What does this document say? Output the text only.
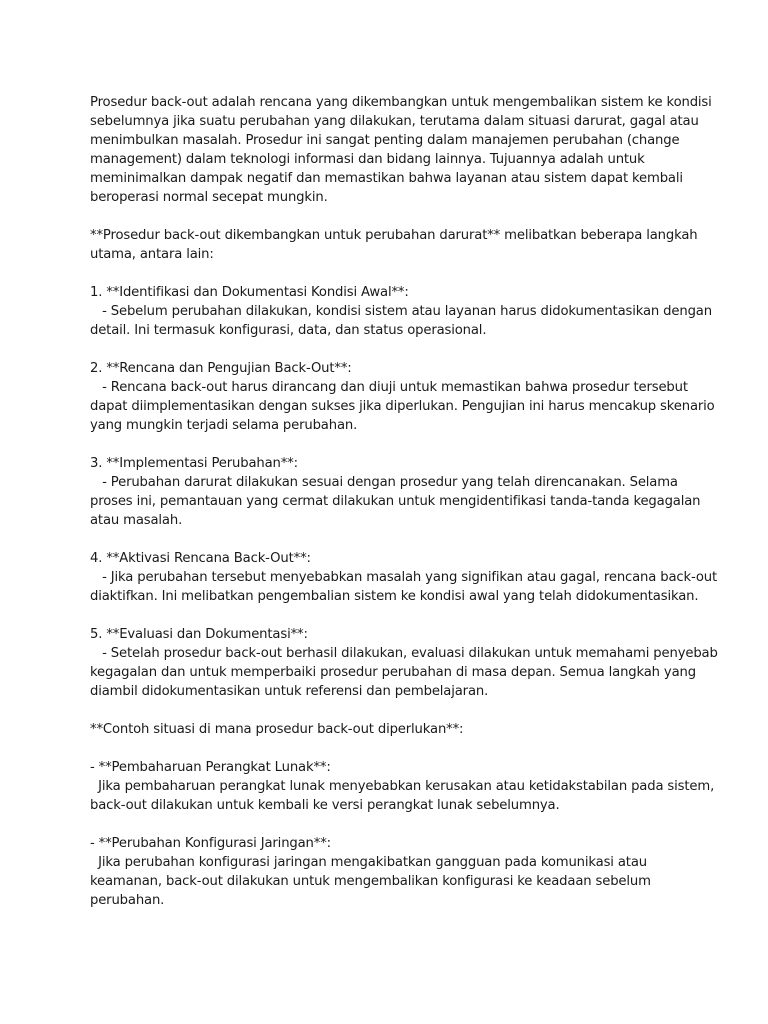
Prosedur back-out adalah rencana yang dikembangkan untuk mengembalikan sistem ke kondisi
sebelumnya jika suatu perubahan yang dilakukan, terutama dalam situasi darurat, gagal atau
menimbulkan masalah. Prosedur ini sangat penting dalam manajemen perubahan (change
management) dalam teknologi informasi dan bidang lainnya. Tujuannya adalah untuk
meminimalkan dampak negatif dan memastikan bahwa layanan atau sistem dapat kembali
beroperasi normal secepat mungkin.
**Prosedur back-out dikembangkan untuk perubahan darurat** melibatkan beberapa langkah
utama, antara lain:
1. **Identifikasi dan Dokumentasi Kondisi Awal**:
- Sebelum perubahan dilakukan, kondisi sistem atau layanan harus didokumentasikan dengan
detail. Ini termasuk konfigurasi, data, dan status operasional.
2. **Rencana dan Pengujian Back-Out**:
- Rencana back-out harus dirancang dan diuji untuk memastikan bahwa prosedur tersebut
dapat diimplementasikan dengan sukses jika diperlukan. Pengujian ini harus mencakup skenario
yang mungkin terjadi selama perubahan.
3. **Implementasi Perubahan**:
- Perubahan darurat dilakukan sesuai dengan prosedur yang telah direncanakan. Selama
proses ini, pemantauan yang cermat dilakukan untuk mengidentifikasi tanda-tanda kegagalan
atau masalah.
4. **Aktivasi Rencana Back-Out**:
- Jika perubahan tersebut menyebabkan masalah yang signifikan atau gagal, rencana back-out
diaktifkan. Ini melibatkan pengembalian sistem ke kondisi awal yang telah didokumentasikan.
5. **Evaluasi dan Dokumentasi**:
- Setelah prosedur back-out berhasil dilakukan, evaluasi dilakukan untuk memahami penyebab
kegagalan dan untuk memperbaiki prosedur perubahan di masa depan. Semua langkah yang
diambil didokumentasikan untuk referensi dan pembelajaran.
**Contoh situasi di mana prosedur back-out diperlukan**:
- **Pembaharuan Perangkat Lunak**:
Jika pembaharuan perangkat lunak menyebabkan kerusakan atau ketidakstabilan pada sistem,
back-out dilakukan untuk kembali ke versi perangkat lunak sebelumnya.
- **Perubahan Konfigurasi Jaringan**:
Jika perubahan konfigurasi jaringan mengakibatkan gangguan pada komunikasi atau
keamanan, back-out dilakukan untuk mengembalikan konfigurasi ke keadaan sebelum
perubahan.
